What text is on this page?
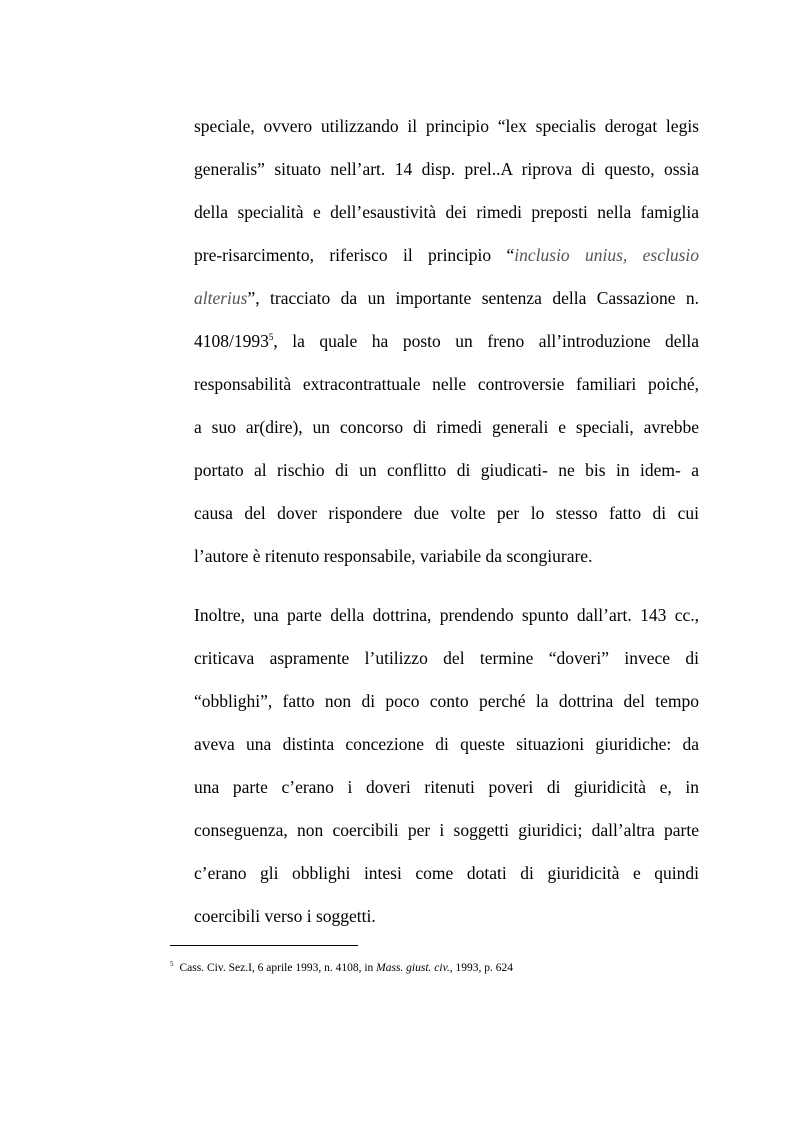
speciale, ovvero utilizzando il principio “lex specialis derogat legis
generalis” situato nell’art. 14 disp. prel..A riprova di questo, ossia
della specialità e dell’esaustività dei rimedi preposti nella famiglia
pre-risarcimento, riferisco il principio “inclusio unius, esclusio
alterius”, tracciato da un importante sentenza della Cassazione n.
4108/1993$^5$, la quale ha posto un freno all’introduzione della
responsabilità extracontrattuale nelle controversie familiari poiché,
a suo ar(dire), un concorso di rimedi generali e speciali, avrebbe
portato al rischio di un conflitto di giudicati- ne bis in idem- a
causa del dover rispondere due volte per lo stesso fatto di cui
l’autore è ritenuto responsabile, variabile da scongiurare.
Inoltre, una parte della dottrina, prendendo spunto dall’art. 143 cc.,
criticava aspramente l’utilizzo del termine “doveri” invece di
“obblighi”, fatto non di poco conto perché la dottrina del tempo
aveva una distinta concezione di queste situazioni giuridiche: da
una parte c’erano i doveri ritenuti poveri di giuridicità e, in
conseguenza, non coercibili per i soggetti giuridici; dall’altra parte
c’erano gli obblighi intesi come dotati di giuridicità e quindi
coercibili verso i soggetti.
$^5$ Cass. Civ. Sez.I, 6 aprile 1993, n. 4108, in Mass. giust. civ., 1993, p. 624
